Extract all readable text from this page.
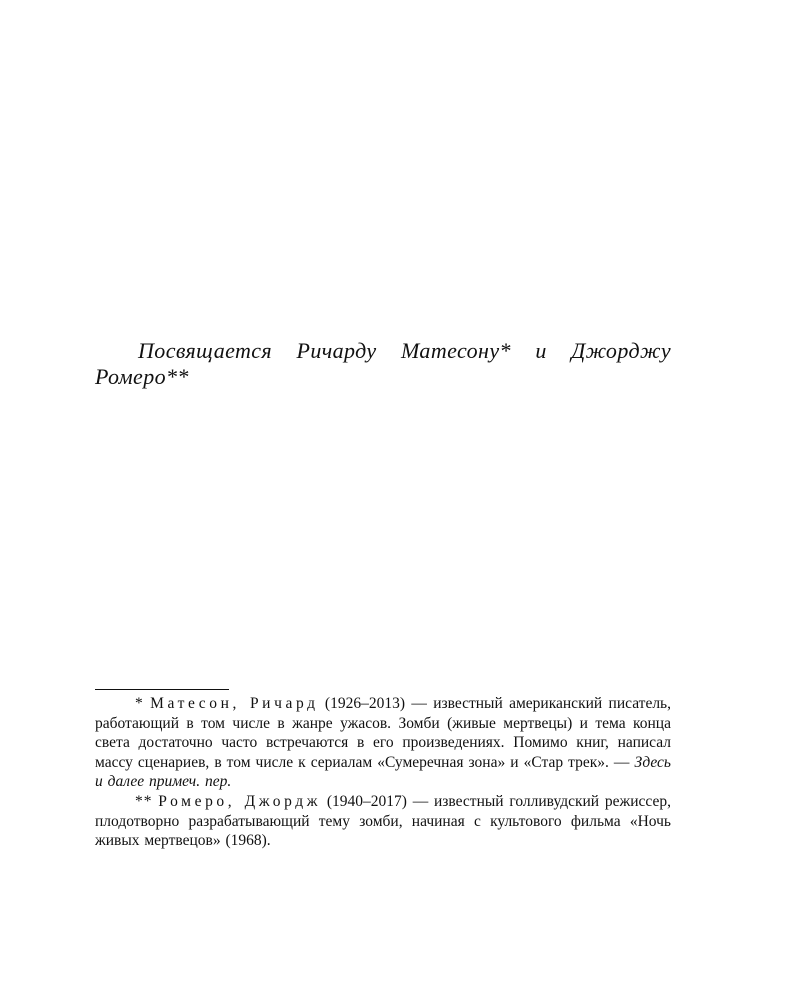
Посвящается Ричарду Матесону* и Джорджу Ромеро**

* Матесон, Ричард (1926–2013) — известный американский писатель, работающий в том числе в жанре ужасов. Зомби (живые мертвецы) и тема конца света достаточно часто встречаются в его произведениях. Помимо книг, написал массу сценариев, в том числе к сериалам «Сумеречная зона» и «Стар трек». — Здесь и далее примеч. пер.

** Ромеро, Джордж (1940–2017) — известный голливудский режиссер, плодотворно разрабатывающий тему зомби, начиная с культового фильма «Ночь живых мертвецов» (1968).
